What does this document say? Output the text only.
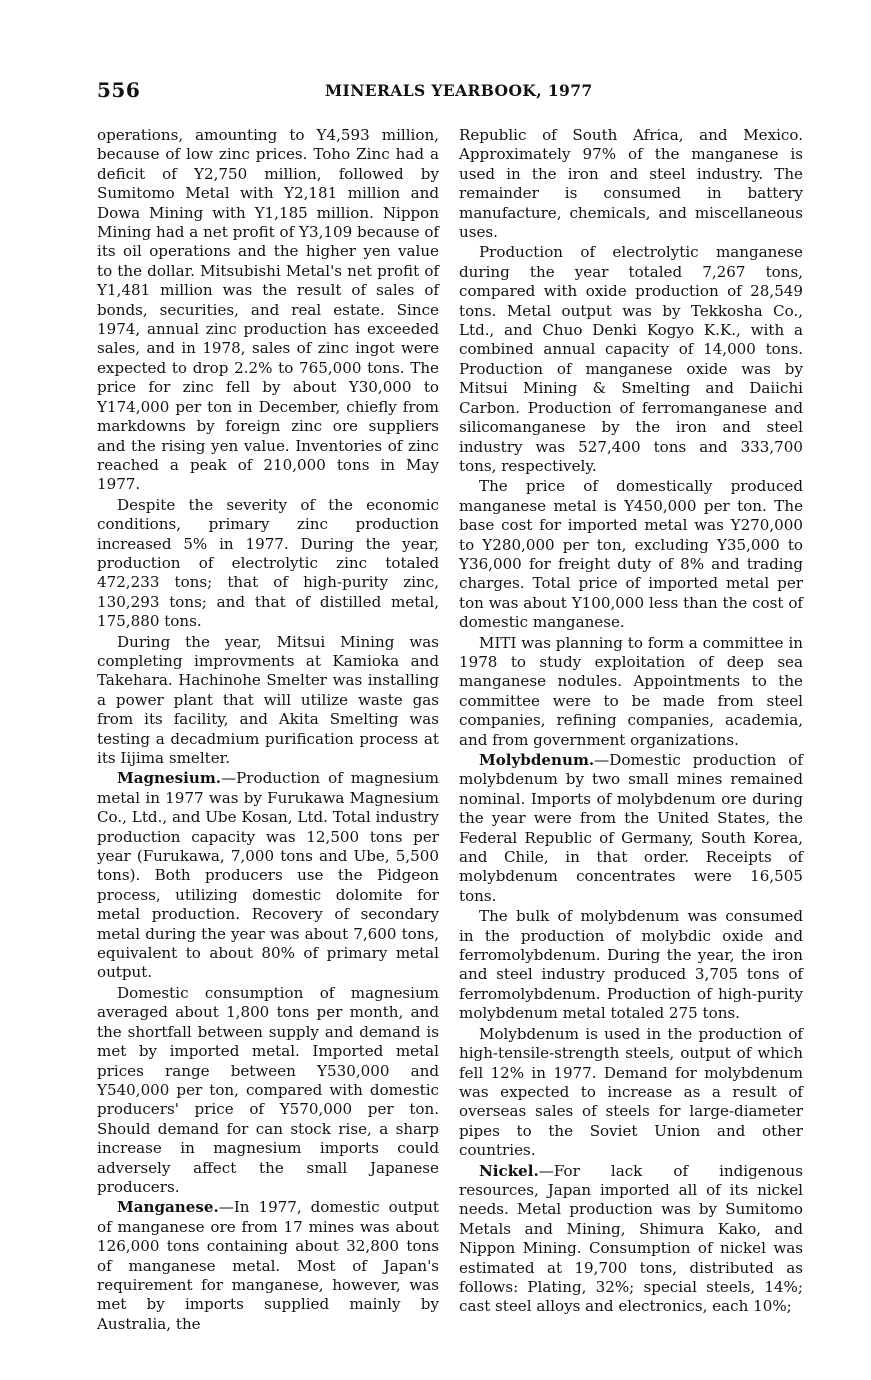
556	MINERALS YEARBOOK, 1977

operations, amounting to Y4,593 million, because of low zinc prices. Toho Zinc had a deficit of Y2,750 million, followed by Sumitomo Metal with Y2,181 million and Dowa Mining with Y1,185 million. Nippon Mining had a net profit of Y3,109 because of its oil operations and the higher yen value to the dollar. Mitsubishi Metal's net profit of Y1,481 million was the result of sales of bonds, securities, and real estate. Since 1974, annual zinc production has exceeded sales, and in 1978, sales of zinc ingot were expected to drop 2.2% to 765,000 tons. The price for zinc fell by about Y30,000 to Y174,000 per ton in December, chiefly from markdowns by foreign zinc ore suppliers and the rising yen value. Inventories of zinc reached a peak of 210,000 tons in May 1977.

Despite the severity of the economic conditions, primary zinc production increased 5% in 1977. During the year, production of electrolytic zinc totaled 472,233 tons; that of high-purity zinc, 130,293 tons; and that of distilled metal, 175,880 tons.

During the year, Mitsui Mining was completing improvments at Kamioka and Takehara. Hachinohe Smelter was installing a power plant that will utilize waste gas from its facility, and Akita Smelting was testing a decadmium purification process at its Iijima smelter.

Magnesium.—Production of magnesium metal in 1977 was by Furukawa Magnesium Co., Ltd., and Ube Kosan, Ltd. Total industry production capacity was 12,500 tons per year (Furukawa, 7,000 tons and Ube, 5,500 tons). Both producers use the Pidgeon process, utilizing domestic dolomite for metal production. Recovery of secondary metal during the year was about 7,600 tons, equivalent to about 80% of primary metal output.

Domestic consumption of magnesium averaged about 1,800 tons per month, and the shortfall between supply and demand is met by imported metal. Imported metal prices range between Y530,000 and Y540,000 per ton, compared with domestic producers' price of Y570,000 per ton. Should demand for can stock rise, a sharp increase in magnesium imports could adversely affect the small Japanese producers.

Manganese.—In 1977, domestic output of manganese ore from 17 mines was about 126,000 tons containing about 32,800 tons of manganese metal. Most of Japan's requirement for manganese, however, was met by imports supplied mainly by Australia, the

Republic of South Africa, and Mexico. Approximately 97% of the manganese is used in the iron and steel industry. The remainder is consumed in battery manufacture, chemicals, and miscellaneous uses.

Production of electrolytic manganese during the year totaled 7,267 tons, compared with oxide production of 28,549 tons. Metal output was by Tekkosha Co., Ltd., and Chuo Denki Kogyo K.K., with a combined annual capacity of 14,000 tons. Production of manganese oxide was by Mitsui Mining & Smelting and Daiichi Carbon. Production of ferromanganese and silicomanganese by the iron and steel industry was 527,400 tons and 333,700 tons, respectively.

The price of domestically produced manganese metal is Y450,000 per ton. The base cost for imported metal was Y270,000 to Y280,000 per ton, excluding Y35,000 to Y36,000 for freight duty of 8% and trading charges. Total price of imported metal per ton was about Y100,000 less than the cost of domestic manganese.

MITI was planning to form a committee in 1978 to study exploitation of deep sea manganese nodules. Appointments to the committee were to be made from steel companies, refining companies, academia, and from government organizations.

Molybdenum.—Domestic production of molybdenum by two small mines remained nominal. Imports of molybdenum ore during the year were from the United States, the Federal Republic of Germany, South Korea, and Chile, in that order. Receipts of molybdenum concentrates were 16,505 tons.

The bulk of molybdenum was consumed in the production of molybdic oxide and ferromolybdenum. During the year, the iron and steel industry produced 3,705 tons of ferromolybdenum. Production of high-purity molybdenum metal totaled 275 tons.

Molybdenum is used in the production of high-tensile-strength steels, output of which fell 12% in 1977. Demand for molybdenum was expected to increase as a result of overseas sales of steels for large-diameter pipes to the Soviet Union and other countries.

Nickel.—For lack of indigenous resources, Japan imported all of its nickel needs. Metal production was by Sumitomo Metals and Mining, Shimura Kako, and Nippon Mining. Consumption of nickel was estimated at 19,700 tons, distributed as follows: Plating, 32%; special steels, 14%; cast steel alloys and electronics, each 10%;
